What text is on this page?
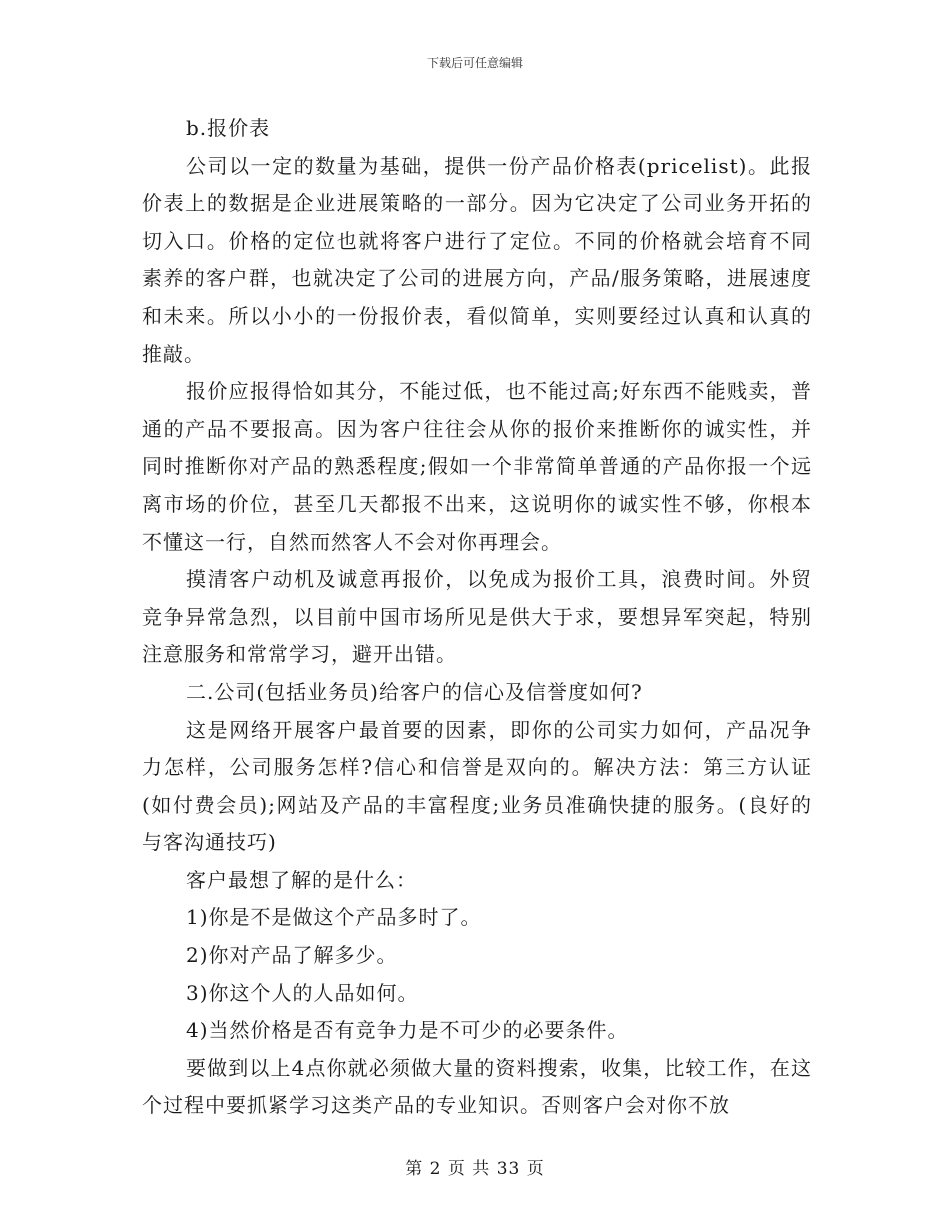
下载后可任意编辑

b.报价表

公司以一定的数量为基础，提供一份产品价格表(pricelist)。此报价表上的数据是企业进展策略的一部分。因为它决定了公司业务开拓的切入口。价格的定位也就将客户进行了定位。不同的价格就会培育不同素养的客户群，也就决定了公司的进展方向，产品/服务策略，进展速度和未来。所以小小的一份报价表，看似简单，实则要经过认真和认真的推敲。

报价应报得恰如其分，不能过低，也不能过高;好东西不能贱卖，普通的产品不要报高。因为客户往往会从你的报价来推断你的诚实性，并同时推断你对产品的熟悉程度;假如一个非常简单普通的产品你报一个远离市场的价位，甚至几天都报不出来，这说明你的诚实性不够，你根本不懂这一行，自然而然客人不会对你再理会。

摸清客户动机及诚意再报价，以免成为报价工具，浪费时间。外贸竞争异常急烈，以目前中国市场所见是供大于求，要想异军突起，特别注意服务和常常学习，避开出错。

二.公司(包括业务员)给客户的信心及信誉度如何?

这是网络开展客户最首要的因素，即你的公司实力如何，产品况争力怎样，公司服务怎样?信心和信誉是双向的。解决方法：第三方认证(如付费会员);网站及产品的丰富程度;业务员准确快捷的服务。(良好的与客沟通技巧)

客户最想了解的是什么：

1)你是不是做这个产品多时了。

2)你对产品了解多少。

3)你这个人的人品如何。

4)当然价格是否有竞争力是不可少的必要条件。

要做到以上4点你就必须做大量的资料搜索，收集，比较工作，在这个过程中要抓紧学习这类产品的专业知识。否则客户会对你不放

第 2 页 共 33 页
